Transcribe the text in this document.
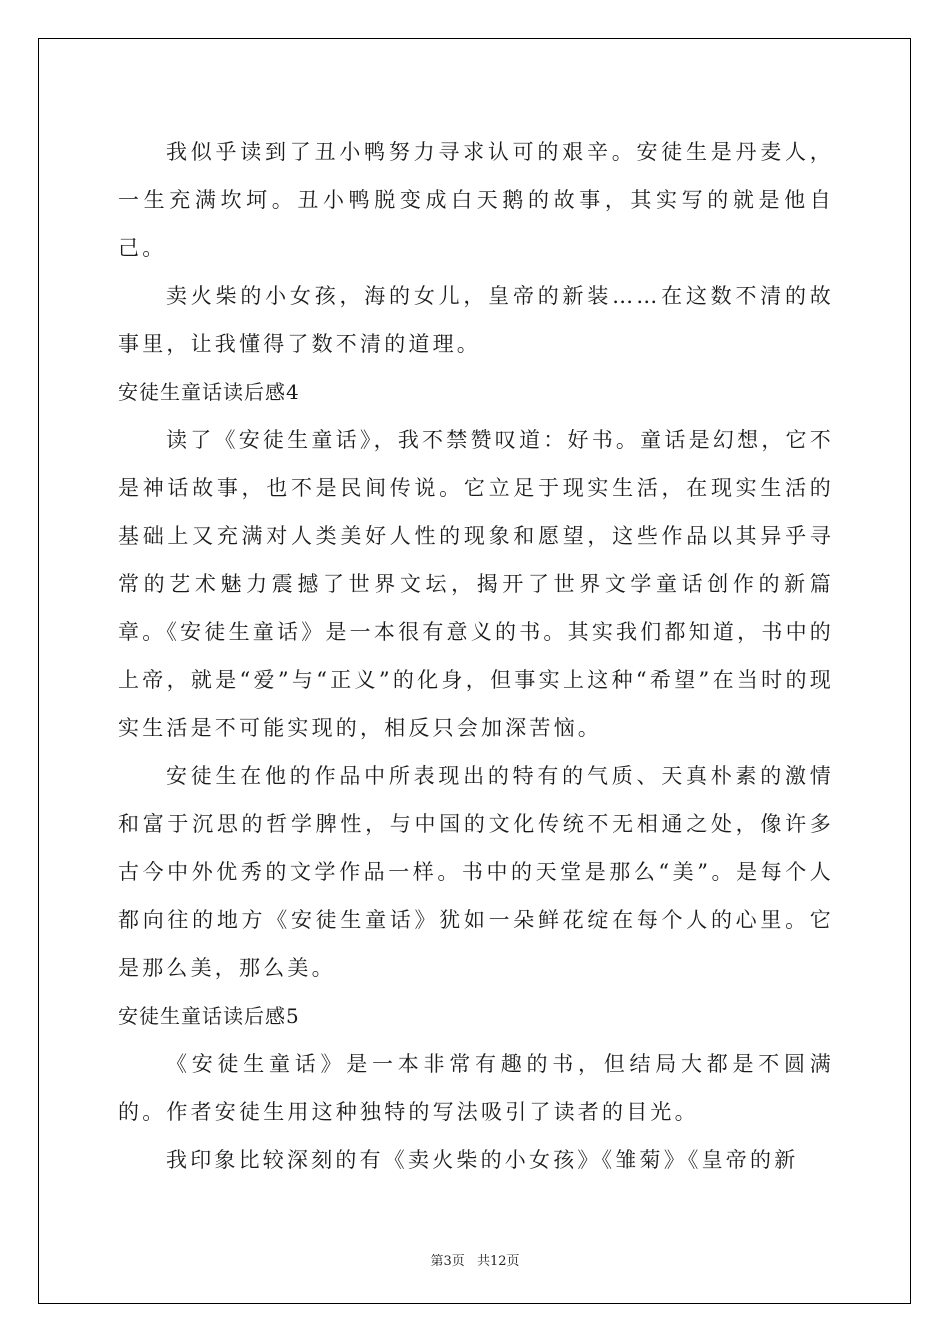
我似乎读到了丑小鸭努力寻求认可的艰辛。安徒生是丹麦人，一生充满坎坷。丑小鸭脱变成白天鹅的故事，其实写的就是他自己。

卖火柴的小女孩，海的女儿，皇帝的新装……在这数不清的故事里，让我懂得了数不清的道理。

安徒生童话读后感4

读了《安徒生童话》，我不禁赞叹道：好书。童话是幻想，它不是神话故事，也不是民间传说。它立足于现实生活，在现实生活的基础上又充满对人类美好人性的现象和愿望，这些作品以其异乎寻常的艺术魅力震撼了世界文坛，揭开了世界文学童话创作的新篇章。《安徒生童话》是一本很有意义的书。其实我们都知道，书中的上帝，就是“爱”与“正义”的化身，但事实上这种“希望”在当时的现实生活是不可能实现的，相反只会加深苦恼。

安徒生在他的作品中所表现出的特有的气质、天真朴素的激情和富于沉思的哲学脾性，与中国的文化传统不无相通之处，像许多古今中外优秀的文学作品一样。书中的天堂是那么“美”。是每个人都向往的地方《安徒生童话》犹如一朵鲜花绽在每个人的心里。它是那么美，那么美。

安徒生童话读后感5

《安徒生童话》是一本非常有趣的书，但结局大都是不圆满的。作者安徒生用这种独特的写法吸引了读者的目光。

我印象比较深刻的有《卖火柴的小女孩》《雏菊》《皇帝的新

第3页 共12页
